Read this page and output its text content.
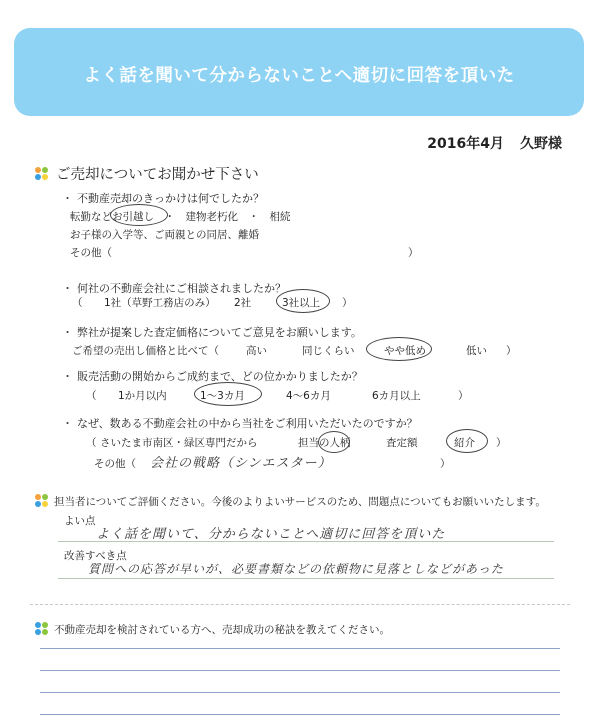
よく話を聞いて分からないことへ適切に回答を頂いた
2016年4月 久野様
ご売却についてお聞かせ下さい
・ 不動産売却のきっかけは何でしたか？
転勤などお引越し　・　建物老朽化　・　相続
お子様の入学等、ご両親との同居、離婚
その他（	）
・ 何社の不動産会社にご相談されましたか？
（ 1社（草野工務店のみ） 2社	3社以上 ）
・ 弊社が提案した査定価格についてご意見をお願いします。
ご希望の売出し価格と比べて（	高い	同じくらい	やや低め	低い ）
・ 販売活動の開始からご成約まで、どの位かかりましたか？
（ 1か月以内	1～3カ月	4～6カ月	6カ月以上	）
・ なぜ、数ある不動産会社の中から当社をご利用いただいたのですか？
（ さいたま市南区・緑区専門だから	担当の人柄	査定額	紹介 ）
その他（ 会社の戦略（シンエスター）	）
担当者についてご評価ください。今後のよりよいサービスのため、問題点についてもお願いいたします。
よい点
よく話を聞いて、分からないことへ適切に回答を頂いた
改善すべき点
質問への応答が早いが、必要書類などの依頼物に見落としなどがあった
不動産売却を検討されている方へ、売却成功の秘訣を教えてください。
